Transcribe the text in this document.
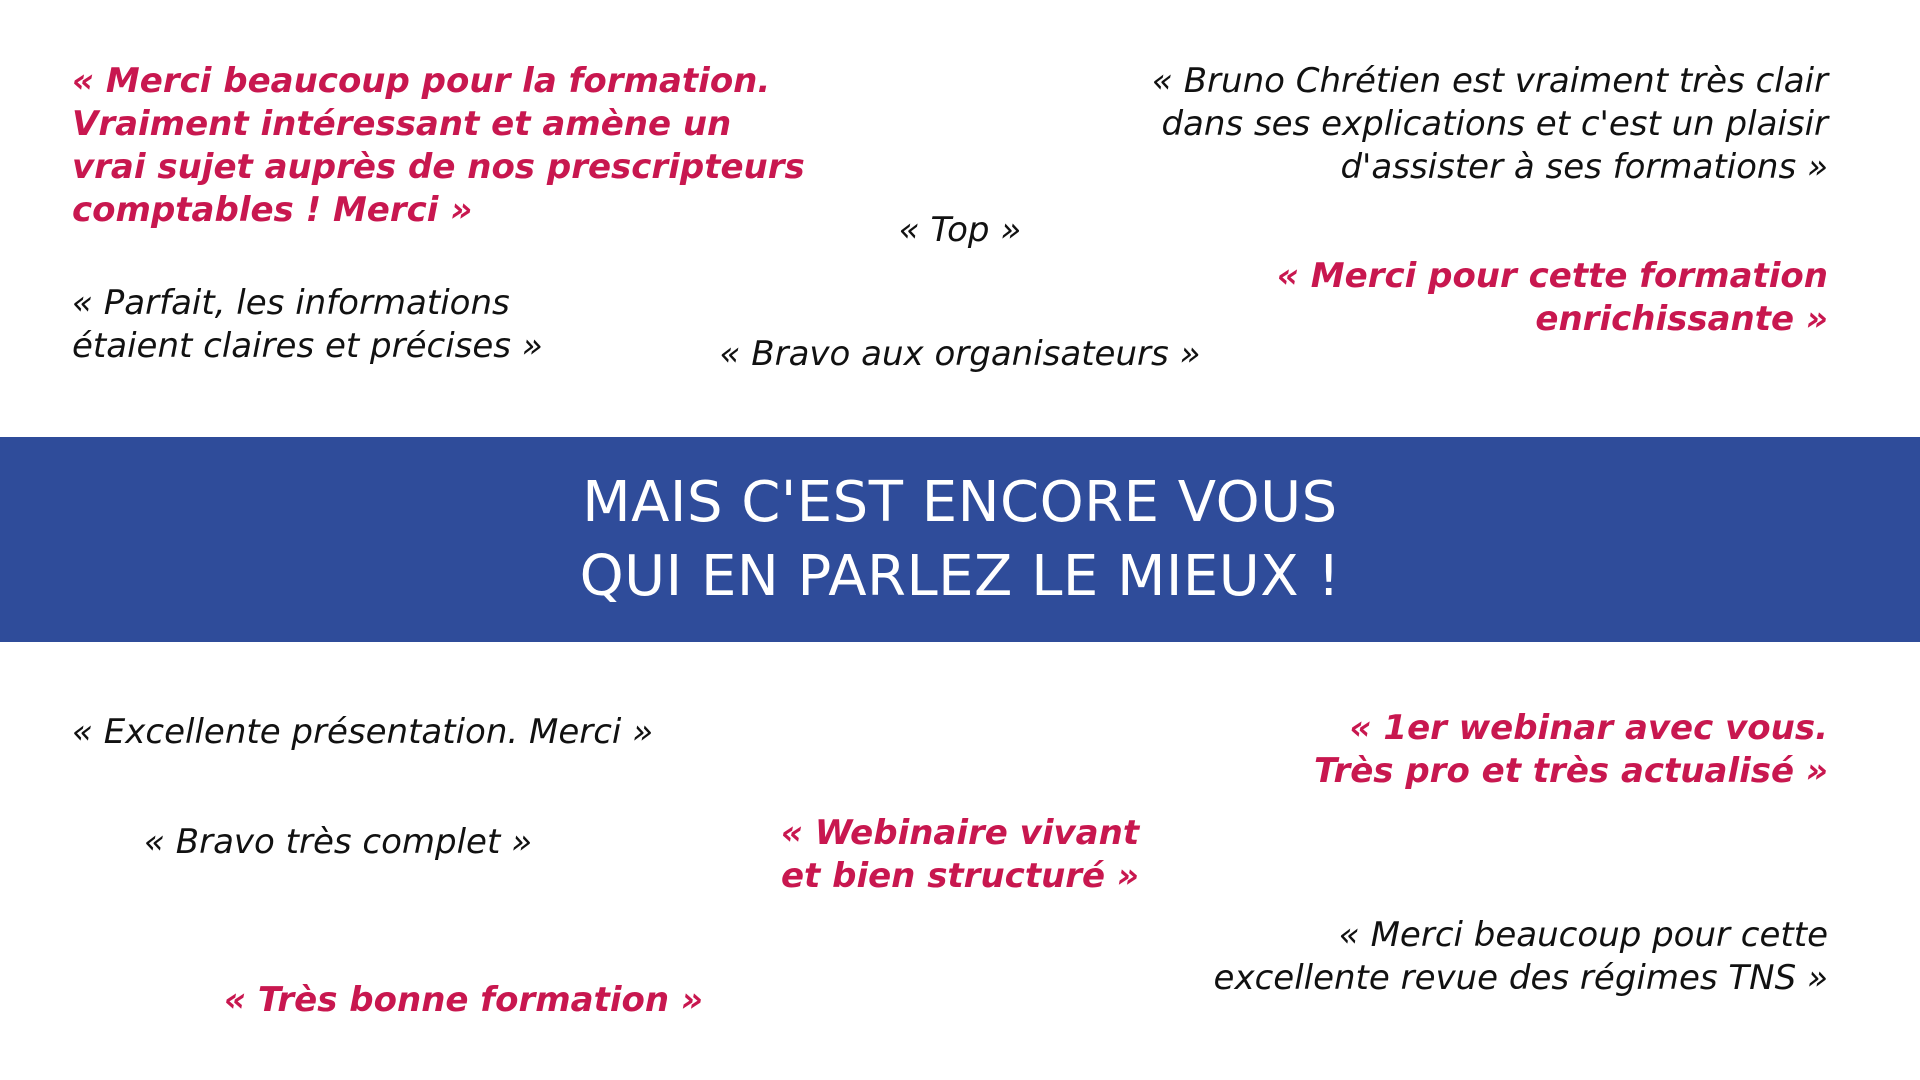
« Merci beaucoup pour la formation.
Vraiment intéressant et amène un
vrai sujet auprès de nos prescripteurs
comptables ! Merci »

« Bruno Chrétien est vraiment très clair
dans ses explications et c'est un plaisir
d'assister à ses formations »

« Top »

« Merci pour cette formation
enrichissante »

« Parfait, les informations
étaient claires et précises »	« Bravo aux organisateurs »

MAIS C'EST ENCORE VOUS
QUI EN PARLEZ LE MIEUX !

« Excellente présentation. Merci »	« 1er webinar avec vous.
Très pro et très actualisé »

« Bravo très complet »	« Webinaire vivant
et bien structuré »

« Merci beaucoup pour cette
excellente revue des régimes TNS »

« Très bonne formation »
